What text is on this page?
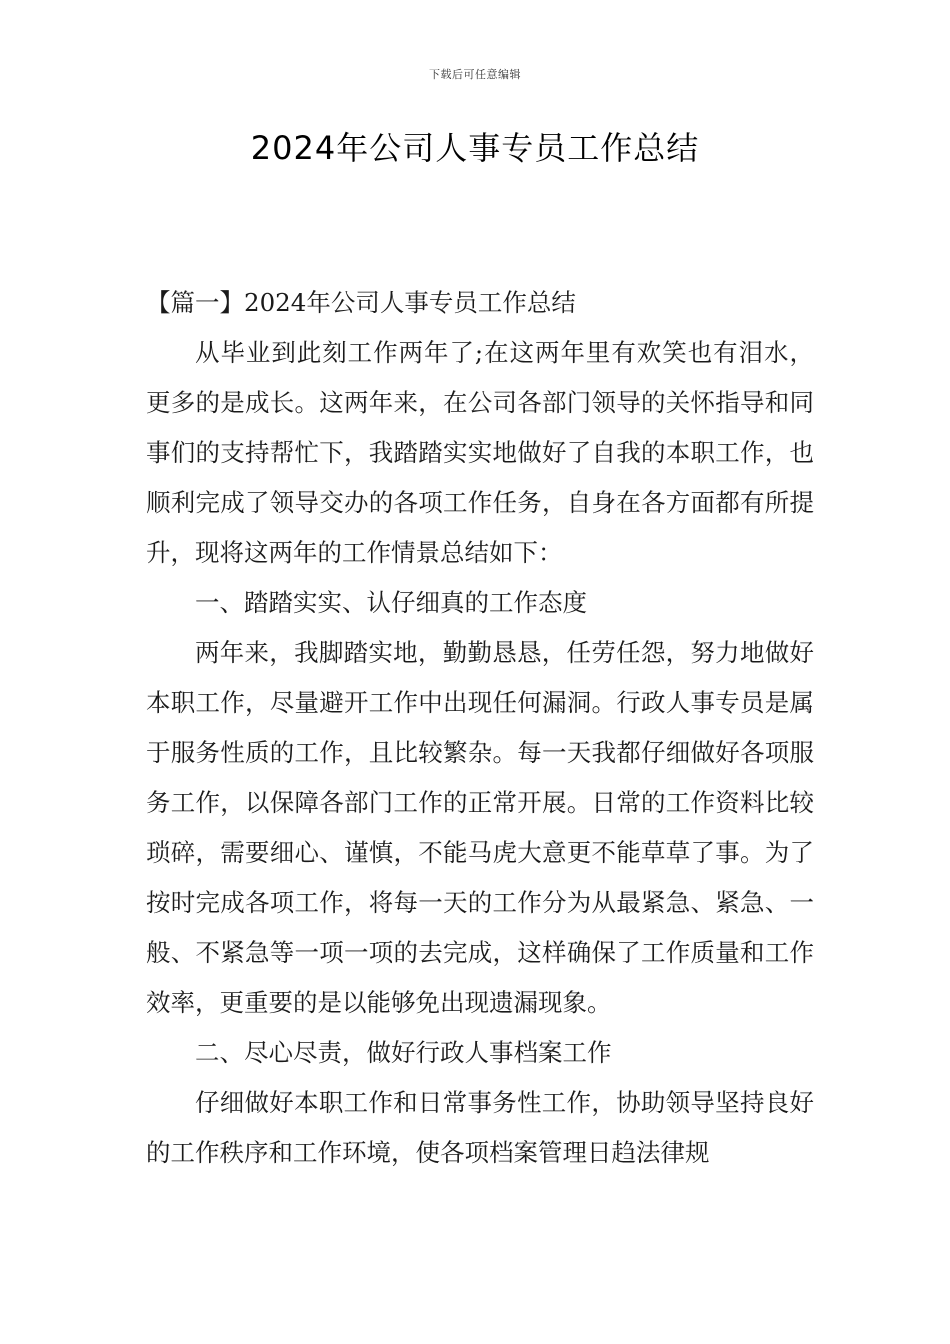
下载后可任意编辑
2024年公司人事专员工作总结

【篇一】2024年公司人事专员工作总结

从毕业到此刻工作两年了;在这两年里有欢笑也有泪水，更多的是成长。这两年来，在公司各部门领导的关怀指导和同事们的支持帮忙下，我踏踏实实地做好了自我的本职工作，也顺利完成了领导交办的各项工作任务，自身在各方面都有所提升，现将这两年的工作情景总结如下：

一、踏踏实实、认仔细真的工作态度

两年来，我脚踏实地，勤勤恳恳，任劳任怨，努力地做好本职工作，尽量避开工作中出现任何漏洞。行政人事专员是属于服务性质的工作，且比较繁杂。每一天我都仔细做好各项服务工作，以保障各部门工作的正常开展。日常的工作资料比较琐碎，需要细心、谨慎，不能马虎大意更不能草草了事。为了按时完成各项工作，将每一天的工作分为从最紧急、紧急、一般、不紧急等一项一项的去完成，这样确保了工作质量和工作效率，更重要的是以能够免出现遗漏现象。

二、尽心尽责，做好行政人事档案工作

仔细做好本职工作和日常事务性工作，协助领导坚持良好的工作秩序和工作环境，使各项档案管理日趋法律规
